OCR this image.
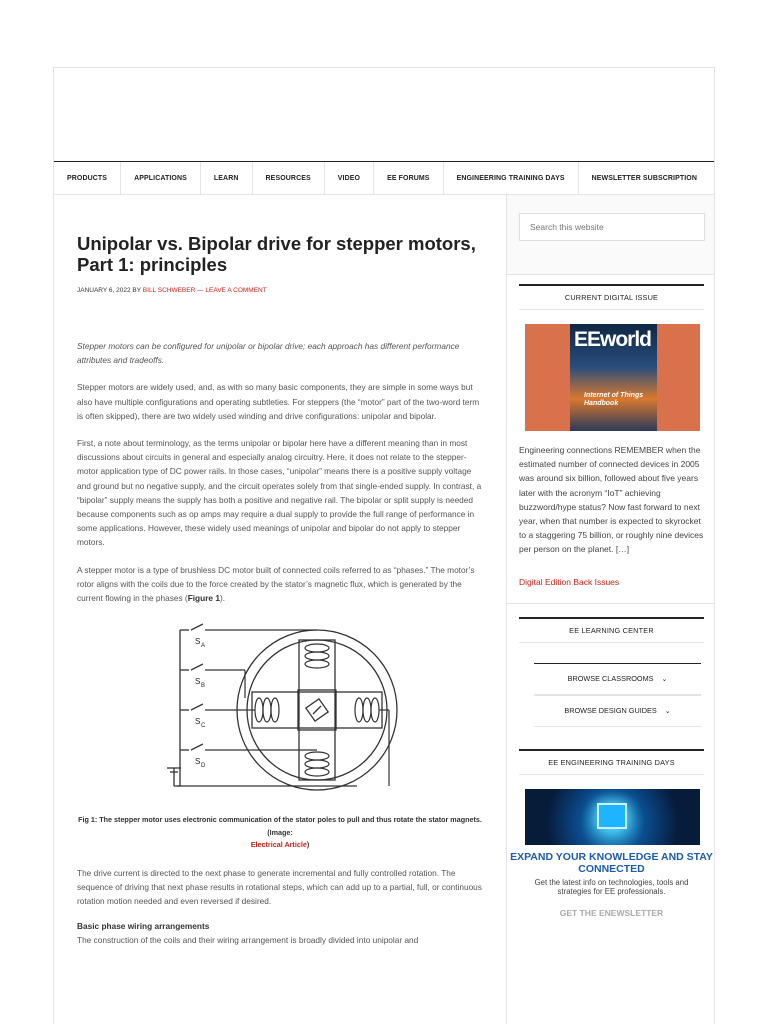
PRODUCTS	APPLICATIONS	LEARN	RESOURCES	VIDEO	EE FORUMS	ENGINEERING TRAINING DAYS	NEWSLETTER SUBSCRIPTION
Unipolar vs. Bipolar drive for stepper motors, Part 1: principles
JANUARY 6, 2022 BY BILL SCHWEBER — LEAVE A COMMENT

Stepper motors can be configured for unipolar or bipolar drive; each approach has different performance attributes and tradeoffs.

Stepper motors are widely used, and, as with so many basic components, they are simple in some ways but also have multiple configurations and operating subtleties. For steppers (the “motor” part of the two-word term is often skipped), there are two widely used winding and drive configurations: unipolar and bipolar.

First, a note about terminology, as the terms unipolar or bipolar here have a different meaning than in most discussions about circuits in general and especially analog circuitry. Here, it does not relate to the stepper-motor application type of DC power rails. In those cases, “unipolar” means there is a positive supply voltage and ground but no negative supply, and the circuit operates solely from that single-ended supply. In contrast, a “bipolar” supply means the supply has both a positive and negative rail. The bipolar or split supply is needed because components such as op amps may require a dual supply to provide the full range of performance in some applications. However, these widely used meanings of unipolar and bipolar do not apply to stepper motors.

A stepper motor is a type of brushless DC motor built of connected coils referred to as “phases.” The motor’s rotor aligns with the coils due to the force created by the stator’s magnetic flux, which is generated by the current flowing in the phases (Figure 1).

S A
S B
S C
S D
Fig 1: The stepper motor uses electronic communication of the stator poles to pull and thus rotate the stator magnets. (Image:
Electrical Article)

The drive current is directed to the next phase to generate incremental and fully controlled rotation. The sequence of driving that next phase results in rotational steps, which can add up to a partial, full, or continuous rotation motion needed and even reversed if desired.

Basic phase wiring arrangements

The construction of the coils and their wiring arrangement is broadly divided into unipolar and

Search this website
CURRENT DIGITAL ISSUE
EEworld
Internet of Things Handbook
Engineering connections REMEMBER when the estimated number of connected devices in 2005 was around six billion, followed about five years later with the acronym “IoT” achieving buzzword/hype status? Now fast forward to next year, when that number is expected to skyrocket to a staggering 75 billion, or roughly nine devices per person on the planet. […]
Digital Edition Back Issues
EE LEARNING CENTER
BROWSE CLASSROOMS ⌄
BROWSE DESIGN GUIDES ⌄
EE ENGINEERING TRAINING DAYS
EXPAND YOUR KNOWLEDGE AND STAY CONNECTED
Get the latest info on technologies, tools and strategies for EE professionals.
GET THE ENEWSLETTER
